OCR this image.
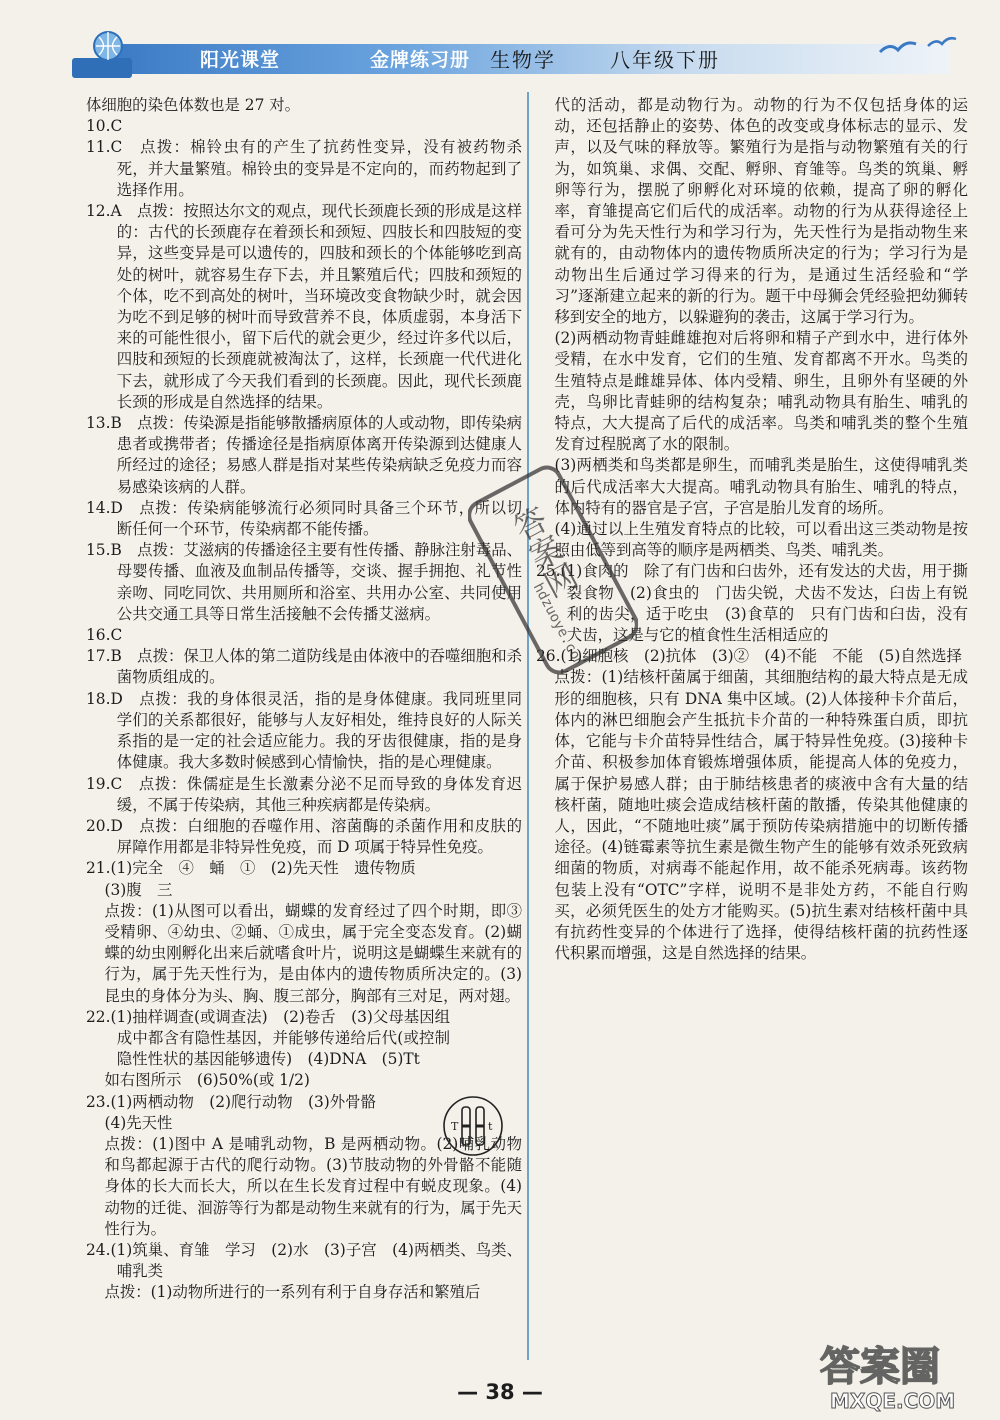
阳光课堂	金牌练习册 生物学	八年级下册

体细胞的染色体数也是 27 对。

10.C

11.C　点拨：棉铃虫有的产生了抗药性变异，没有被药物杀死，并大量繁殖。棉铃虫的变异是不定向的，而药物起到了选择作用。

12.A　点拨：按照达尔文的观点，现代长颈鹿长颈的形成是这样的：古代的长颈鹿存在着颈长和颈短、四肢长和四肢短的变异，这些变异是可以遗传的，四肢和颈长的个体能够吃到高处的树叶，就容易生存下去，并且繁殖后代；四肢和颈短的个体，吃不到高处的树叶，当环境改变食物缺少时，就会因为吃不到足够的树叶而导致营养不良，体质虚弱，本身活下来的可能性很小，留下后代的就会更少，经过许多代以后，四肢和颈短的长颈鹿就被淘汰了，这样，长颈鹿一代代进化下去，就形成了今天我们看到的长颈鹿。因此，现代长颈鹿长颈的形成是自然选择的结果。

13.B　点拨：传染源是指能够散播病原体的人或动物，即传染病患者或携带者；传播途径是指病原体离开传染源到达健康人所经过的途径；易感人群是指对某些传染病缺乏免疫力而容易感染该病的人群。

14.D　点拨：传染病能够流行必须同时具备三个环节，所以切断任何一个环节，传染病都不能传播。

15.B　点拨：艾滋病的传播途径主要有性传播、静脉注射毒品、母婴传播、血液及血制品传播等，交谈、握手拥抱、礼节性亲吻、同吃同饮、共用厕所和浴室、共用办公室、共同使用公共交通工具等日常生活接触不会传播艾滋病。

16.C

17.B　点拨：保卫人体的第二道防线是由体液中的吞噬细胞和杀菌物质组成的。

18.D　点拨：我的身体很灵活，指的是身体健康。我同班里同学们的关系都很好，能够与人友好相处，维持良好的人际关系指的是一定的社会适应能力。我的牙齿很健康，指的是身体健康。我大多数时候感到心情愉快，指的是心理健康。

19.C　点拨：侏儒症是生长激素分泌不足而导致的身体发育迟缓，不属于传染病，其他三种疾病都是传染病。

20.D　点拨：白细胞的吞噬作用、溶菌酶的杀菌作用和皮肤的屏障作用都是非特异性免疫，而 D 项属于特异性免疫。

21.(1)完全　④　蛹　①　(2)先天性　遗传物质

(3)腹　三

点拨：(1)从图可以看出，蝴蝶的发育经过了四个时期，即③受精卵、④幼虫、②蛹、①成虫，属于完全变态发育。(2)蝴蝶的幼虫刚孵化出来后就嗜食叶片，说明这是蝴蝶生来就有的行为，属于先天性行为，是由体内的遗传物质所决定的。(3)昆虫的身体分为头、胸、腹三部分，胸部有三对足，两对翅。

22.(1)抽样调查(或调查法)　(2)卷舌　(3)父母基因组成中都含有隐性基因，并能够传递给后代(或控制隐性性状的基因能够遗传)　(4)DNA　(5)Tt

如右图所示　(6)50%(或 1/2)

23.(1)两栖动物　(2)爬行动物　(3)外骨骼

(4)先天性

点拨：(1)图中 A 是哺乳动物，B 是两栖动物。(2)哺乳动物和鸟都起源于古代的爬行动物。(3)节肢动物的外骨骼不能随身体的长大而长大，所以在生长发育过程中有蜕皮现象。(4)动物的迁徙、洄游等行为都是动物生来就有的行为，属于先天性行为。

24.(1)筑巢、育雏　学习　(2)水　(3)子宫　(4)两栖类、鸟类、哺乳类

点拨：(1)动物所进行的一系列有利于自身存活和繁殖后

代的活动，都是动物行为。动物的行为不仅包括身体的运动，还包括静止的姿势、体色的改变或身体标志的显示、发声，以及气味的释放等。繁殖行为是指与动物繁殖有关的行为，如筑巢、求偶、交配、孵卵、育雏等。鸟类的筑巢、孵卵等行为，摆脱了卵孵化对环境的依赖，提高了卵的孵化率，育雏提高它们后代的成活率。动物的行为从获得途径上看可分为先天性行为和学习行为，先天性行为是指动物生来就有的，由动物体内的遗传物质所决定的行为；学习行为是动物出生后通过学习得来的行为，是通过生活经验和“学习”逐渐建立起来的新的行为。题干中母狮会凭经验把幼狮转移到安全的地方，以躲避狗的袭击，这属于学习行为。

(2)两栖动物青蛙雌雄抱对后将卵和精子产到水中，进行体外受精，在水中发育，它们的生殖、发育都离不开水。鸟类的生殖特点是雌雄异体、体内受精、卵生，且卵外有坚硬的外壳，鸟卵比青蛙卵的结构复杂；哺乳动物具有胎生、哺乳的特点，大大提高了后代的成活率。鸟类和哺乳类的整个生殖发育过程脱离了水的限制。

(3)两栖类和鸟类都是卵生，而哺乳类是胎生，这使得哺乳类的后代成活率大大提高。哺乳动物具有胎生、哺乳的特点，体内特有的器官是子宫，子宫是胎儿发育的场所。

(4)通过以上生殖发育特点的比较，可以看出这三类动物是按照由低等到高等的顺序是两栖类、鸟类、哺乳类。

25.(1)食肉的　除了有门齿和臼齿外，还有发达的犬齿，用于撕裂食物　(2)食虫的　门齿尖锐，犬齿不发达，臼齿上有锐利的齿尖，适于吃虫　(3)食草的　只有门齿和臼齿，没有犬齿，这是与它的植食性生活相适应的

26.(1)细胞核　(2)抗体　(3)②　(4)不能　不能　(5)自然选择

点拨：(1)结核杆菌属于细菌，其细胞结构的最大特点是无成形的细胞核，只有 DNA 集中区域。(2)人体接种卡介苗后，体内的淋巴细胞会产生抵抗卡介苗的一种特殊蛋白质，即抗体，它能与卡介苗特异性结合，属于特异性免疫。(3)接种卡介苗、积极参加体育锻炼增强体质，能提高人体的免疫力，属于保护易感人群；由于肺结核患者的痰液中含有大量的结核杆菌，随地吐痰会造成结核杆菌的散播，传染其他健康的人，因此，“不随地吐痰”属于预防传染病措施中的切断传播途径。(4)链霉素等抗生素是微生物产生的能够有效杀死致病细菌的物质，对病毒不能起作用，故不能杀死病毒。该药物包装上没有“OTC”字样，说明不是非处方药，不能自行购买，必须凭医生的处方才能购买。(5)抗生素对结核杆菌中具有抗药性变异的个体进行了选择，使得结核杆菌的抗药性逐代积累而增强，这是自然选择的结果。

T	t
答案网
hdzuoye.com
答案圈
MXQE.COM
— 38 —
